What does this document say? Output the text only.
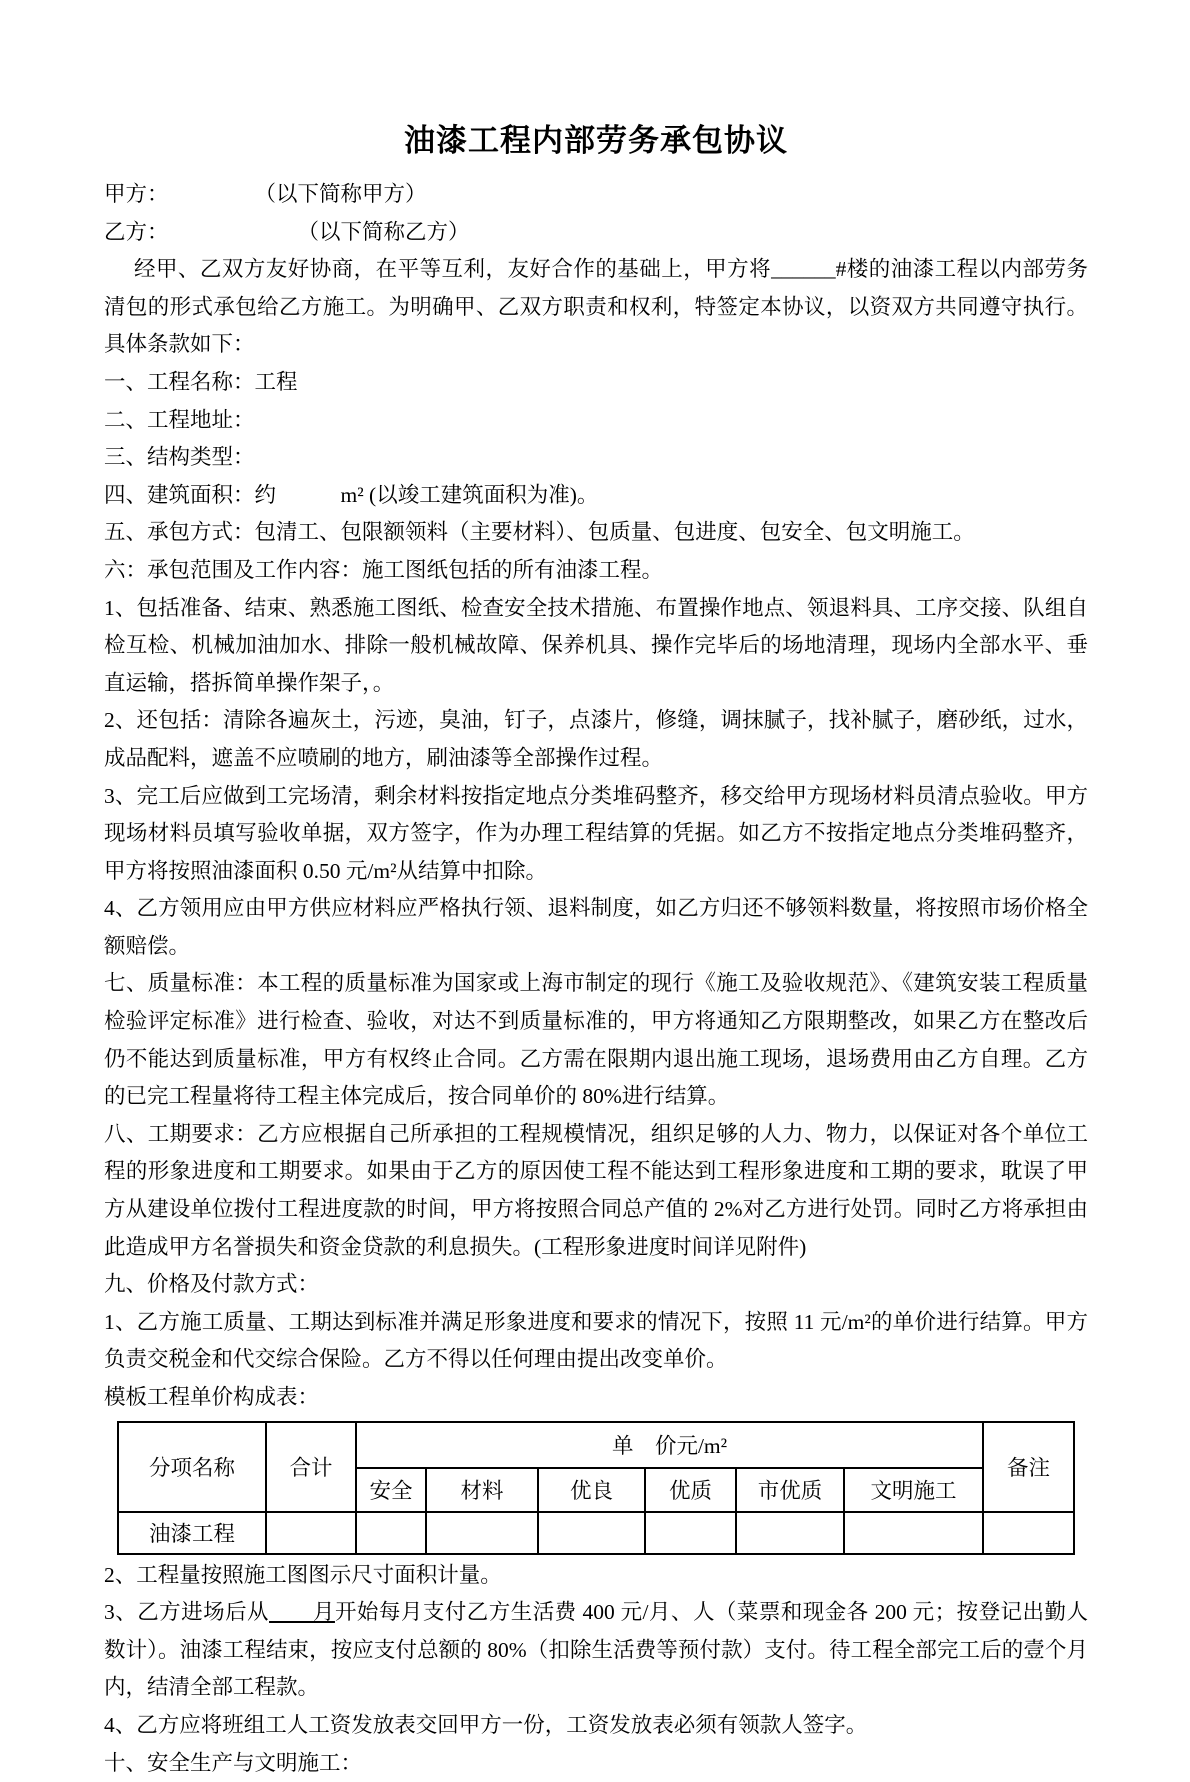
油漆工程内部劳务承包协议

甲方：　　　　　（以下简称甲方）

乙方：　　　　　　　（以下简称乙方）

经甲、乙双方友好协商，在平等互利，友好合作的基础上，甲方将______#楼的油漆工程以内部劳务清包的形式承包给乙方施工。为明确甲、乙双方职责和权利，特签定本协议，以资双方共同遵守执行。具体条款如下：

一、工程名称：工程

二、工程地址：

三、结构类型：

四、建筑面积：约　　　m² (以竣工建筑面积为准)。

五、承包方式：包清工、包限额领料（主要材料）、包质量、包进度、包安全、包文明施工。

六：承包范围及工作内容：施工图纸包括的所有油漆工程。

1、包括准备、结束、熟悉施工图纸、检查安全技术措施、布置操作地点、领退料具、工序交接、队组自检互检、机械加油加水、排除一般机械故障、保养机具、操作完毕后的场地清理，现场内全部水平、垂直运输，搭拆简单操作架子，。

2、还包括：清除各遍灰土，污迹，臭油，钉子，点漆片，修缝，调抹腻子，找补腻子，磨砂纸，过水，成品配料，遮盖不应喷刷的地方，刷油漆等全部操作过程。

3、完工后应做到工完场清，剩余材料按指定地点分类堆码整齐，移交给甲方现场材料员清点验收。甲方现场材料员填写验收单据，双方签字，作为办理工程结算的凭据。如乙方不按指定地点分类堆码整齐，甲方将按照油漆面积 0.50 元/m²从结算中扣除。

4、乙方领用应由甲方供应材料应严格执行领、退料制度，如乙方归还不够领料数量，将按照市场价格全额赔偿。

七、质量标准：本工程的质量标准为国家或上海市制定的现行《施工及验收规范》、《建筑安装工程质量检验评定标准》进行检查、验收，对达不到质量标准的，甲方将通知乙方限期整改，如果乙方在整改后仍不能达到质量标准，甲方有权终止合同。乙方需在限期内退出施工现场，退场费用由乙方自理。乙方的已完工程量将待工程主体完成后，按合同单价的 80%进行结算。

八、工期要求：乙方应根据自己所承担的工程规模情况，组织足够的人力、物力，以保证对各个单位工程的形象进度和工期要求。如果由于乙方的原因使工程不能达到工程形象进度和工期的要求，耽误了甲方从建设单位拨付工程进度款的时间，甲方将按照合同总产值的 2%对乙方进行处罚。同时乙方将承担由此造成甲方名誉损失和资金贷款的利息损失。(工程形象进度时间详见附件)

九、价格及付款方式：

1、乙方施工质量、工期达到标准并满足形象进度和要求的情况下，按照 11 元/m²的单价进行结算。甲方负责交税金和代交综合保险。乙方不得以任何理由提出改变单价。

模板工程单价构成表：

分项名称	合计	单　价元/m²						备注
		安全	材料	优良	优质	市优质	文明施工	
油漆工程								

2、工程量按照施工图图示尺寸面积计量。

3、乙方进场后从　　月开始每月支付乙方生活费 400 元/月、人（菜票和现金各 200 元；按登记出勤人数计）。油漆工程结束，按应支付总额的 80%（扣除生活费等预付款）支付。待工程全部完工后的壹个月内，结清全部工程款。

4、乙方应将班组工人工资发放表交回甲方一份，工资发放表必须有领款人签字。

十、安全生产与文明施工：
